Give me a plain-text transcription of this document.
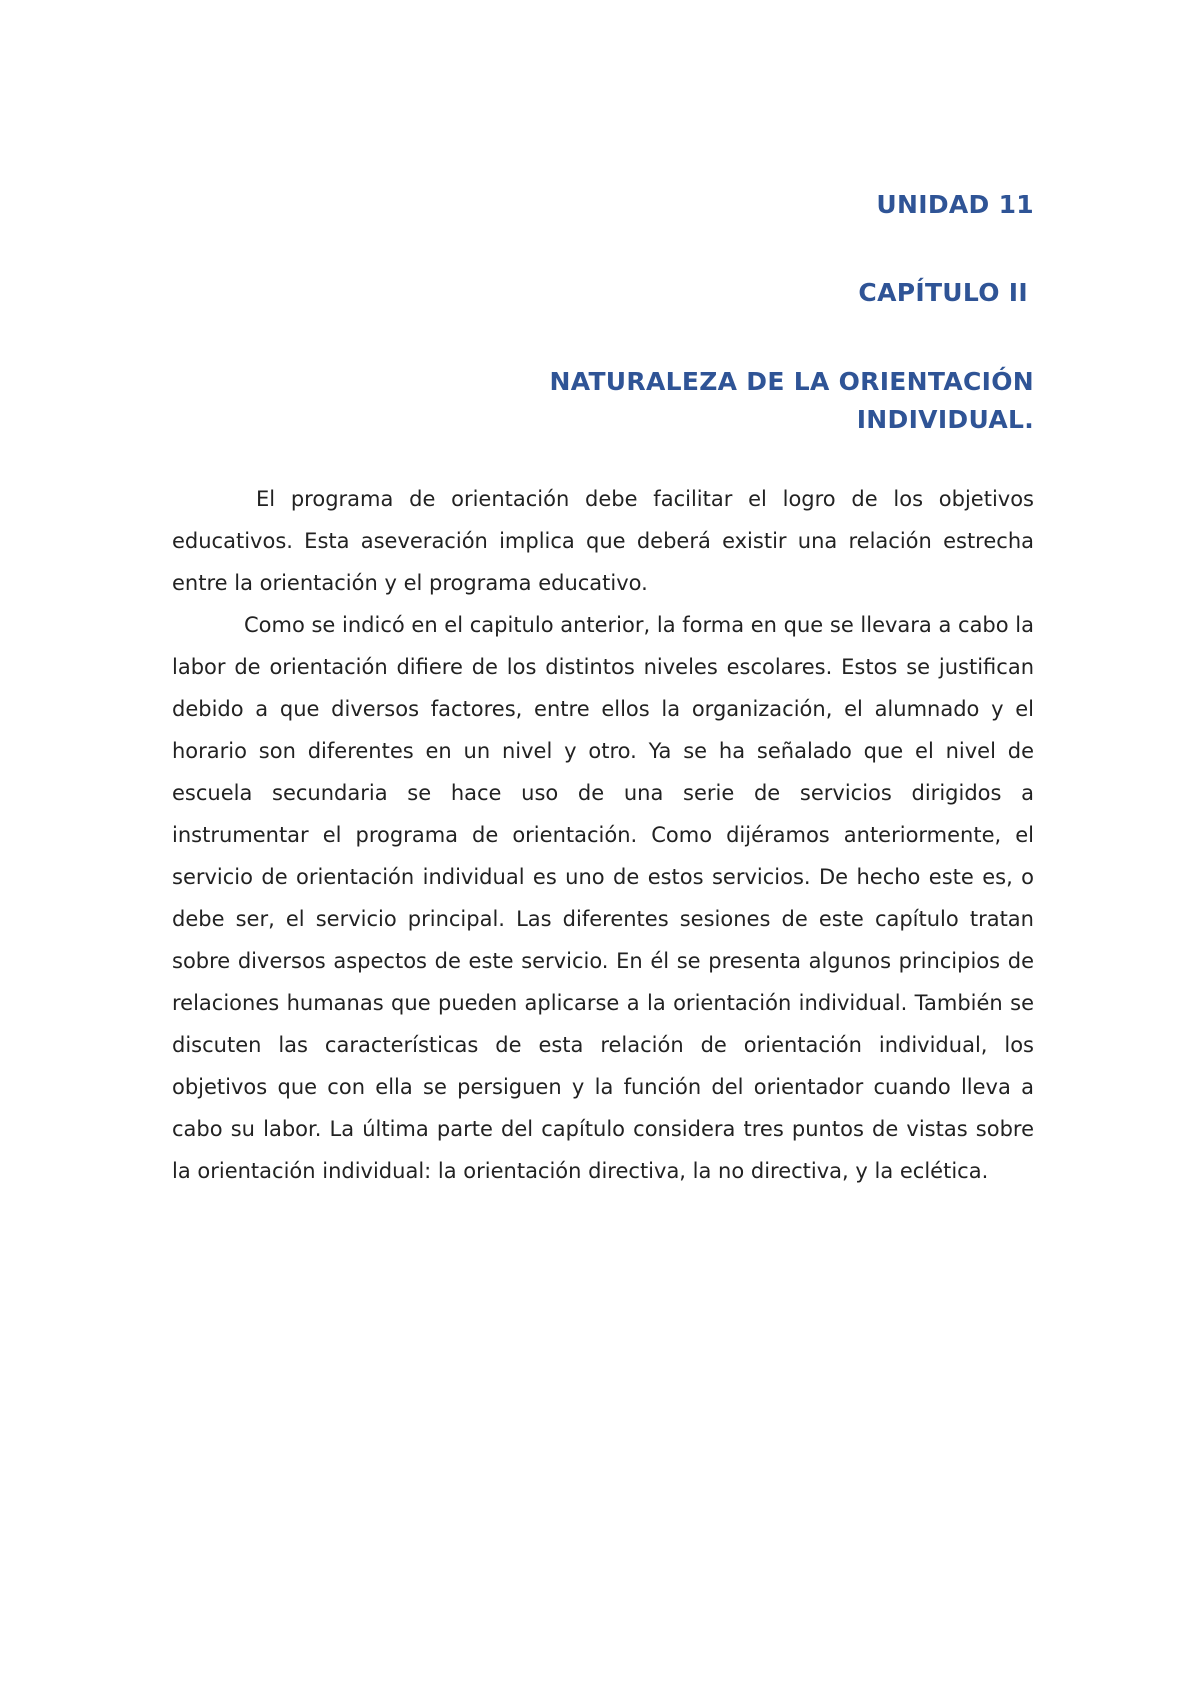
UNIDAD 11
CAPÍTULO II
NATURALEZA DE LA ORIENTACIÓN
INDIVIDUAL.

El programa de orientación debe facilitar el logro de los objetivos educativos. Esta aseveración implica que deberá existir una relación estrecha entre la orientación y el programa educativo.

Como se indicó en el capitulo anterior, la forma en que se llevara a cabo la labor de orientación difiere de los distintos niveles escolares. Estos se justifican debido a que diversos factores, entre ellos la organización, el alumnado y el horario son diferentes en un nivel y otro. Ya se ha señalado que el nivel de escuela secundaria se hace uso de una serie de servicios dirigidos a instrumentar el programa de orientación. Como dijéramos anteriormente, el servicio de orientación individual es uno de estos servicios. De hecho este es, o debe ser, el servicio principal. Las diferentes sesiones de este capítulo tratan sobre diversos aspectos de este servicio. En él se presenta algunos principios de relaciones humanas que pueden aplicarse a la orientación individual. También se discuten las características de esta relación de orientación individual, los objetivos que con ella se persiguen y la función del orientador cuando lleva a cabo su labor. La última parte del capítulo considera tres puntos de vistas sobre la orientación individual: la orientación directiva, la no directiva, y la eclética.
